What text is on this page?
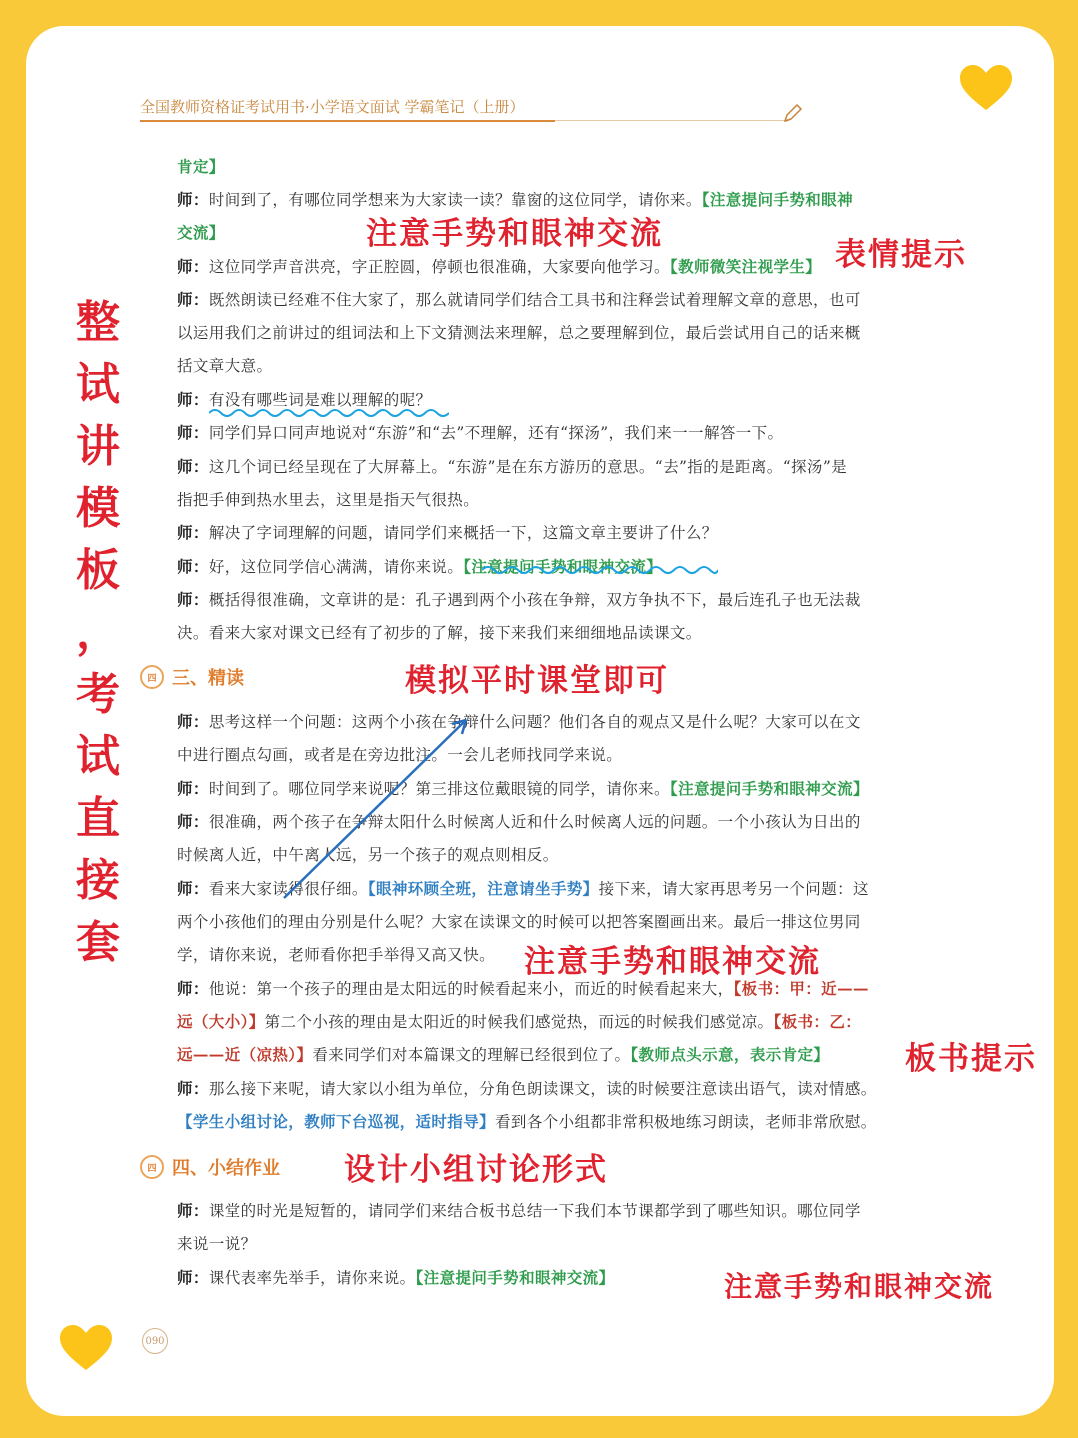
全国教师资格证考试用书·小学语文面试 学霸笔记（上册）
肯定】
师：时间到了，有哪位同学想来为大家读一读？靠窗的这位同学，请你来。【注意提问手势和眼神
交流】
师：这位同学声音洪亮，字正腔圆，停顿也很准确，大家要向他学习。【教师微笑注视学生】
师：既然朗读已经难不住大家了，那么就请同学们结合工具书和注释尝试着理解文章的意思，也可
以运用我们之前讲过的组词法和上下文猜测法来理解，总之要理解到位，最后尝试用自己的话来概
括文章大意。
师：有没有哪些词是难以理解的呢？
师：同学们异口同声地说对“东游”和“去”不理解，还有“探汤”，我们来一一解答一下。
师：这几个词已经呈现在了大屏幕上。“东游”是在东方游历的意思。“去”指的是距离。“探汤”是
指把手伸到热水里去，这里是指天气很热。
师：解决了字词理解的问题，请同学们来概括一下，这篇文章主要讲了什么？
师：好，这位同学信心满满，请你来说。【注意提问手势和眼神交流】
师：概括得很准确，文章讲的是：孔子遇到两个小孩在争辩，双方争执不下，最后连孔子也无法裁
决。看来大家对课文已经有了初步的了解，接下来我们来细细地品读课文。
四 三、精读
师：思考这样一个问题：这两个小孩在争辩什么问题？他们各自的观点又是什么呢？大家可以在文
中进行圈点勾画，或者是在旁边批注。一会儿老师找同学来说。
师：时间到了。哪位同学来说呢？第三排这位戴眼镜的同学，请你来。【注意提问手势和眼神交流】
师：很准确，两个孩子在争辩太阳什么时候离人近和什么时候离人远的问题。一个小孩认为日出的
时候离人近，中午离人远，另一个孩子的观点则相反。
师：看来大家读得很仔细。【眼神环顾全班，注意请坐手势】接下来，请大家再思考另一个问题：这
两个小孩他们的理由分别是什么呢？大家在读课文的时候可以把答案圈画出来。最后一排这位男同
学，请你来说，老师看你把手举得又高又快。
师：他说：第一个孩子的理由是太阳远的时候看起来小，而近的时候看起来大，【板书：甲：近——
远（大小）】第二个小孩的理由是太阳近的时候我们感觉热，而远的时候我们感觉凉。【板书：乙：
远——近（凉热）】看来同学们对本篇课文的理解已经很到位了。【教师点头示意，表示肯定】
师：那么接下来呢，请大家以小组为单位，分角色朗读课文，读的时候要注意读出语气，读对情感。
【学生小组讨论，教师下台巡视，适时指导】看到各个小组都非常积极地练习朗读，老师非常欣慰。
四 四、小结作业
师：课堂的时光是短暂的，请同学们来结合板书总结一下我们本节课都学到了哪些知识。哪位同学
来说一说？
师：课代表率先举手，请你来说。【注意提问手势和眼神交流】
整
试
讲
模
板
，
考
试
直
接
套
注意手势和眼神交流
表情提示
模拟平时课堂即可
注意手势和眼神交流
板书提示
设计小组讨论形式
注意手势和眼神交流
090
